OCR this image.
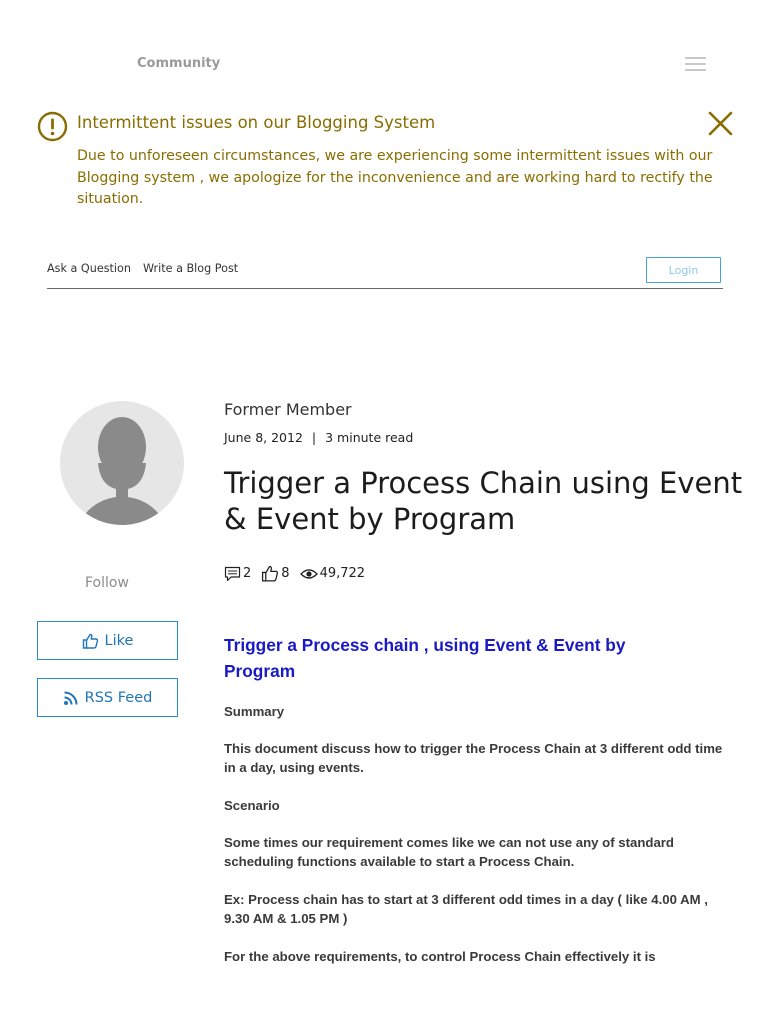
Community
Intermittent issues on our Blogging System
Due to unforeseen circumstances, we are experiencing some intermittent issues with our Blogging system , we apologize for the inconvenience and are working hard to rectify the situation.
Ask a Question Write a Blog Post	Login
Follow
Like
RSS Feed
Former Member
June 8, 2012 | 3 minute read
Trigger a Process Chain using Event & Event by Program
2 8 49,722
Trigger a Process chain , using Event & Event by Program
Summary
This document discuss how to trigger the Process Chain at 3 different odd time in a day, using events.
Scenario
Some times our requirement comes like we can not use any of standard scheduling functions available to start a Process Chain.
Ex: Process chain has to start at 3 different odd times in a day ( like 4.00 AM , 9.30 AM & 1.05 PM )
For the above requirements, to control Process Chain effectively it is
